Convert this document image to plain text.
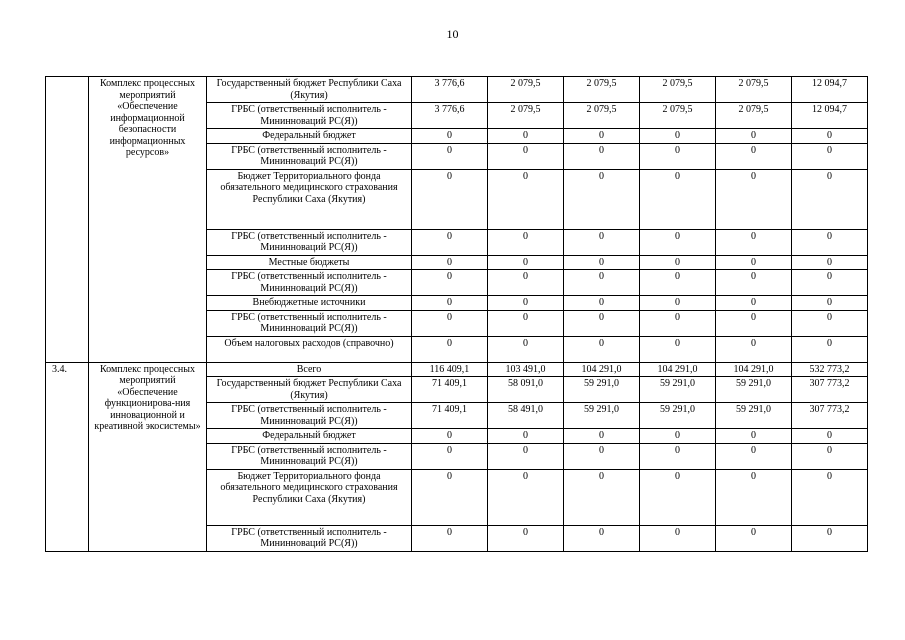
10
	Комплекс процессных мероприятий «Обеспечение информационной безопасности информационных ресурсов»	Государственный бюджет Республики Саха (Якутия)	3 776,6	2 079,5	2 079,5	2 079,5	2 079,5	12 094,7
		ГРБС (ответственный исполнитель - Мининноваций РС(Я))	3 776,6	2 079,5	2 079,5	2 079,5	2 079,5	12 094,7
		Федеральный бюджет	0	0	0	0	0	0
		ГРБС (ответственный исполнитель - Мининноваций РС(Я))	0	0	0	0	0	0
		Бюджет Территориального фонда обязательного медицинского страхования Республики Саха (Якутия)	0	0	0	0	0	0
		ГРБС (ответственный исполнитель - Мининноваций РС(Я))	0	0	0	0	0	0
		Местные бюджеты	0	0	0	0	0	0
		ГРБС (ответственный исполнитель - Мининноваций РС(Я))	0	0	0	0	0	0
		Внебюджетные источники	0	0	0	0	0	0
		ГРБС (ответственный исполнитель - Мининноваций РС(Я))	0	0	0	0	0	0
		Объем налоговых расходов (справочно)	0	0	0	0	0	0
3.4.	Комплекс процессных мероприятий «Обеспечение функционирова-ния инновационной и креативной экосистемы»	Всего	116 409,1	103 491,0	104 291,0	104 291,0	104 291,0	532 773,2
		Государственный бюджет Республики Саха (Якутия)	71 409,1	58 091,0	59 291,0	59 291,0	59 291,0	307 773,2
		ГРБС (ответственный исполнитель - Мининноваций РС(Я))	71 409,1	58 491,0	59 291,0	59 291,0	59 291,0	307 773,2
		Федеральный бюджет	0	0	0	0	0	0
		ГРБС (ответственный исполнитель - Мининноваций РС(Я))	0	0	0	0	0	0
		Бюджет Территориального фонда обязательного медицинского страхования Республики Саха (Якутия)	0	0	0	0	0	0
		ГРБС (ответственный исполнитель - Мининноваций РС(Я))	0	0	0	0	0	0
